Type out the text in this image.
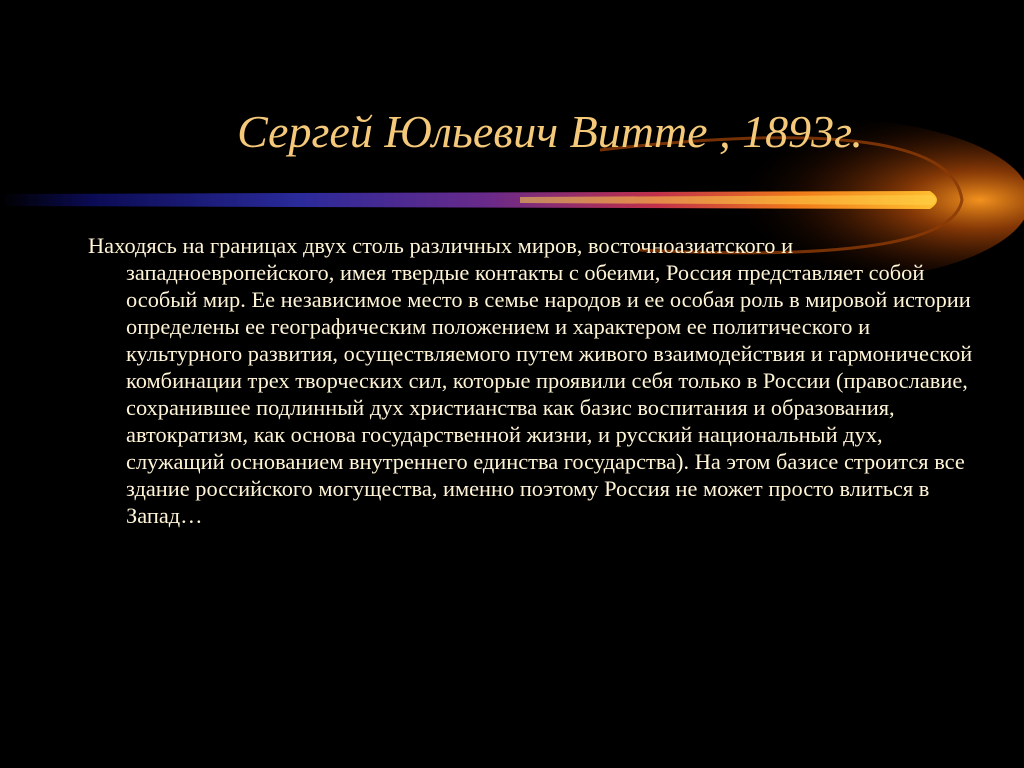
Сергей Юльевич Витте , 1893г.

Находясь на границах двух столь различных миров, восточноазиатского и западноевропейского, имея твердые контакты с обеими, Россия представляет собой особый мир. Ее независимое место в семье народов и ее особая роль в мировой истории определены ее географическим положением и характером ее политического и культурного развития, осуществляемого путем живого взаимодействия и гармонической комбинации трех творческих сил, которые проявили себя только в России (православие, сохранившее подлинный дух христианства как базис воспитания и образования, автократизм, как основа государственной жизни, и русский национальный дух, служащий основанием внутреннего единства государства). На этом базисе строится все здание российского могущества, именно поэтому Россия не может просто влиться в Запад…
